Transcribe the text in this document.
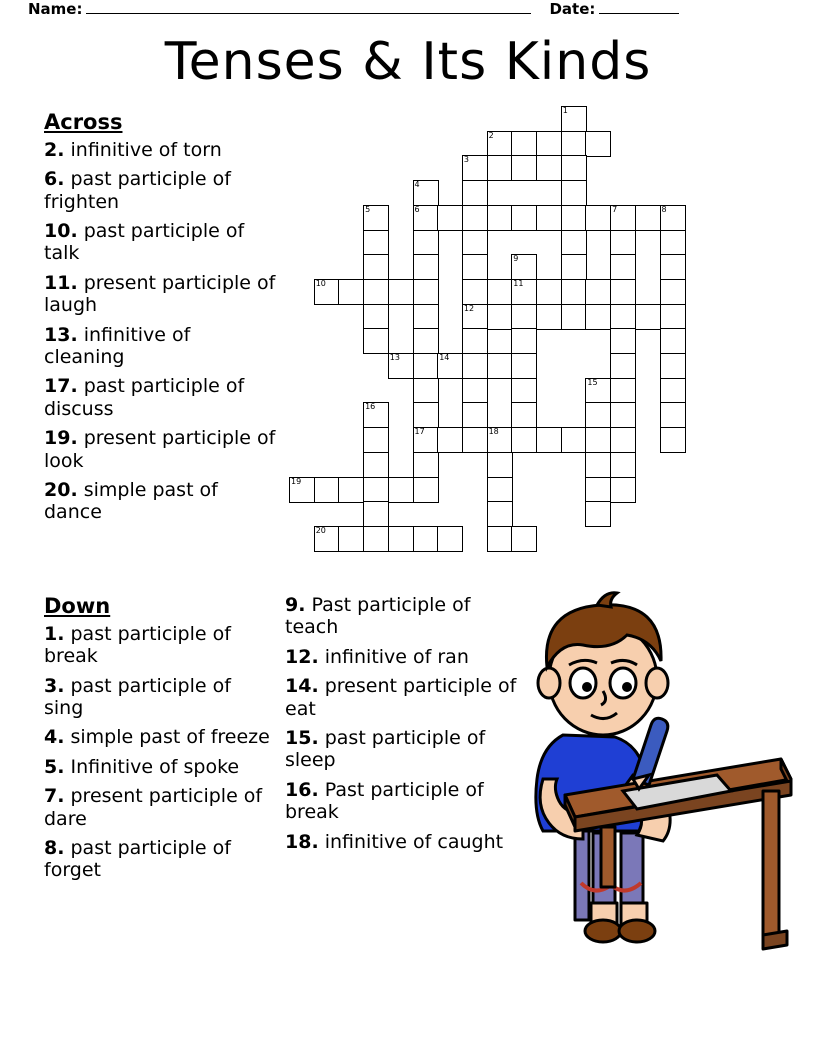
Name:	Date:
Tenses & Its Kinds
Across
2. infinitive of torn
6. past participle of frighten
10. past participle of talk
11. present participle of laugh
13. infinitive of cleaning
17. past participle of discuss
19. present participle of look
20. simple past of dance
Down
1. past participle of break
3. past participle of sing
4. simple past of freeze
5. Infinitive of spoke
7. present participle of dare
8. past participle of forget
9. Past participle of teach
12. infinitive of ran
14. present participle of eat
15. past participle of sleep
16. Past participle of break
18. infinitive of caught
1
2
3
4
5	6	7	8
9
10	11
12
13	14
15
16
17	18
19
20
